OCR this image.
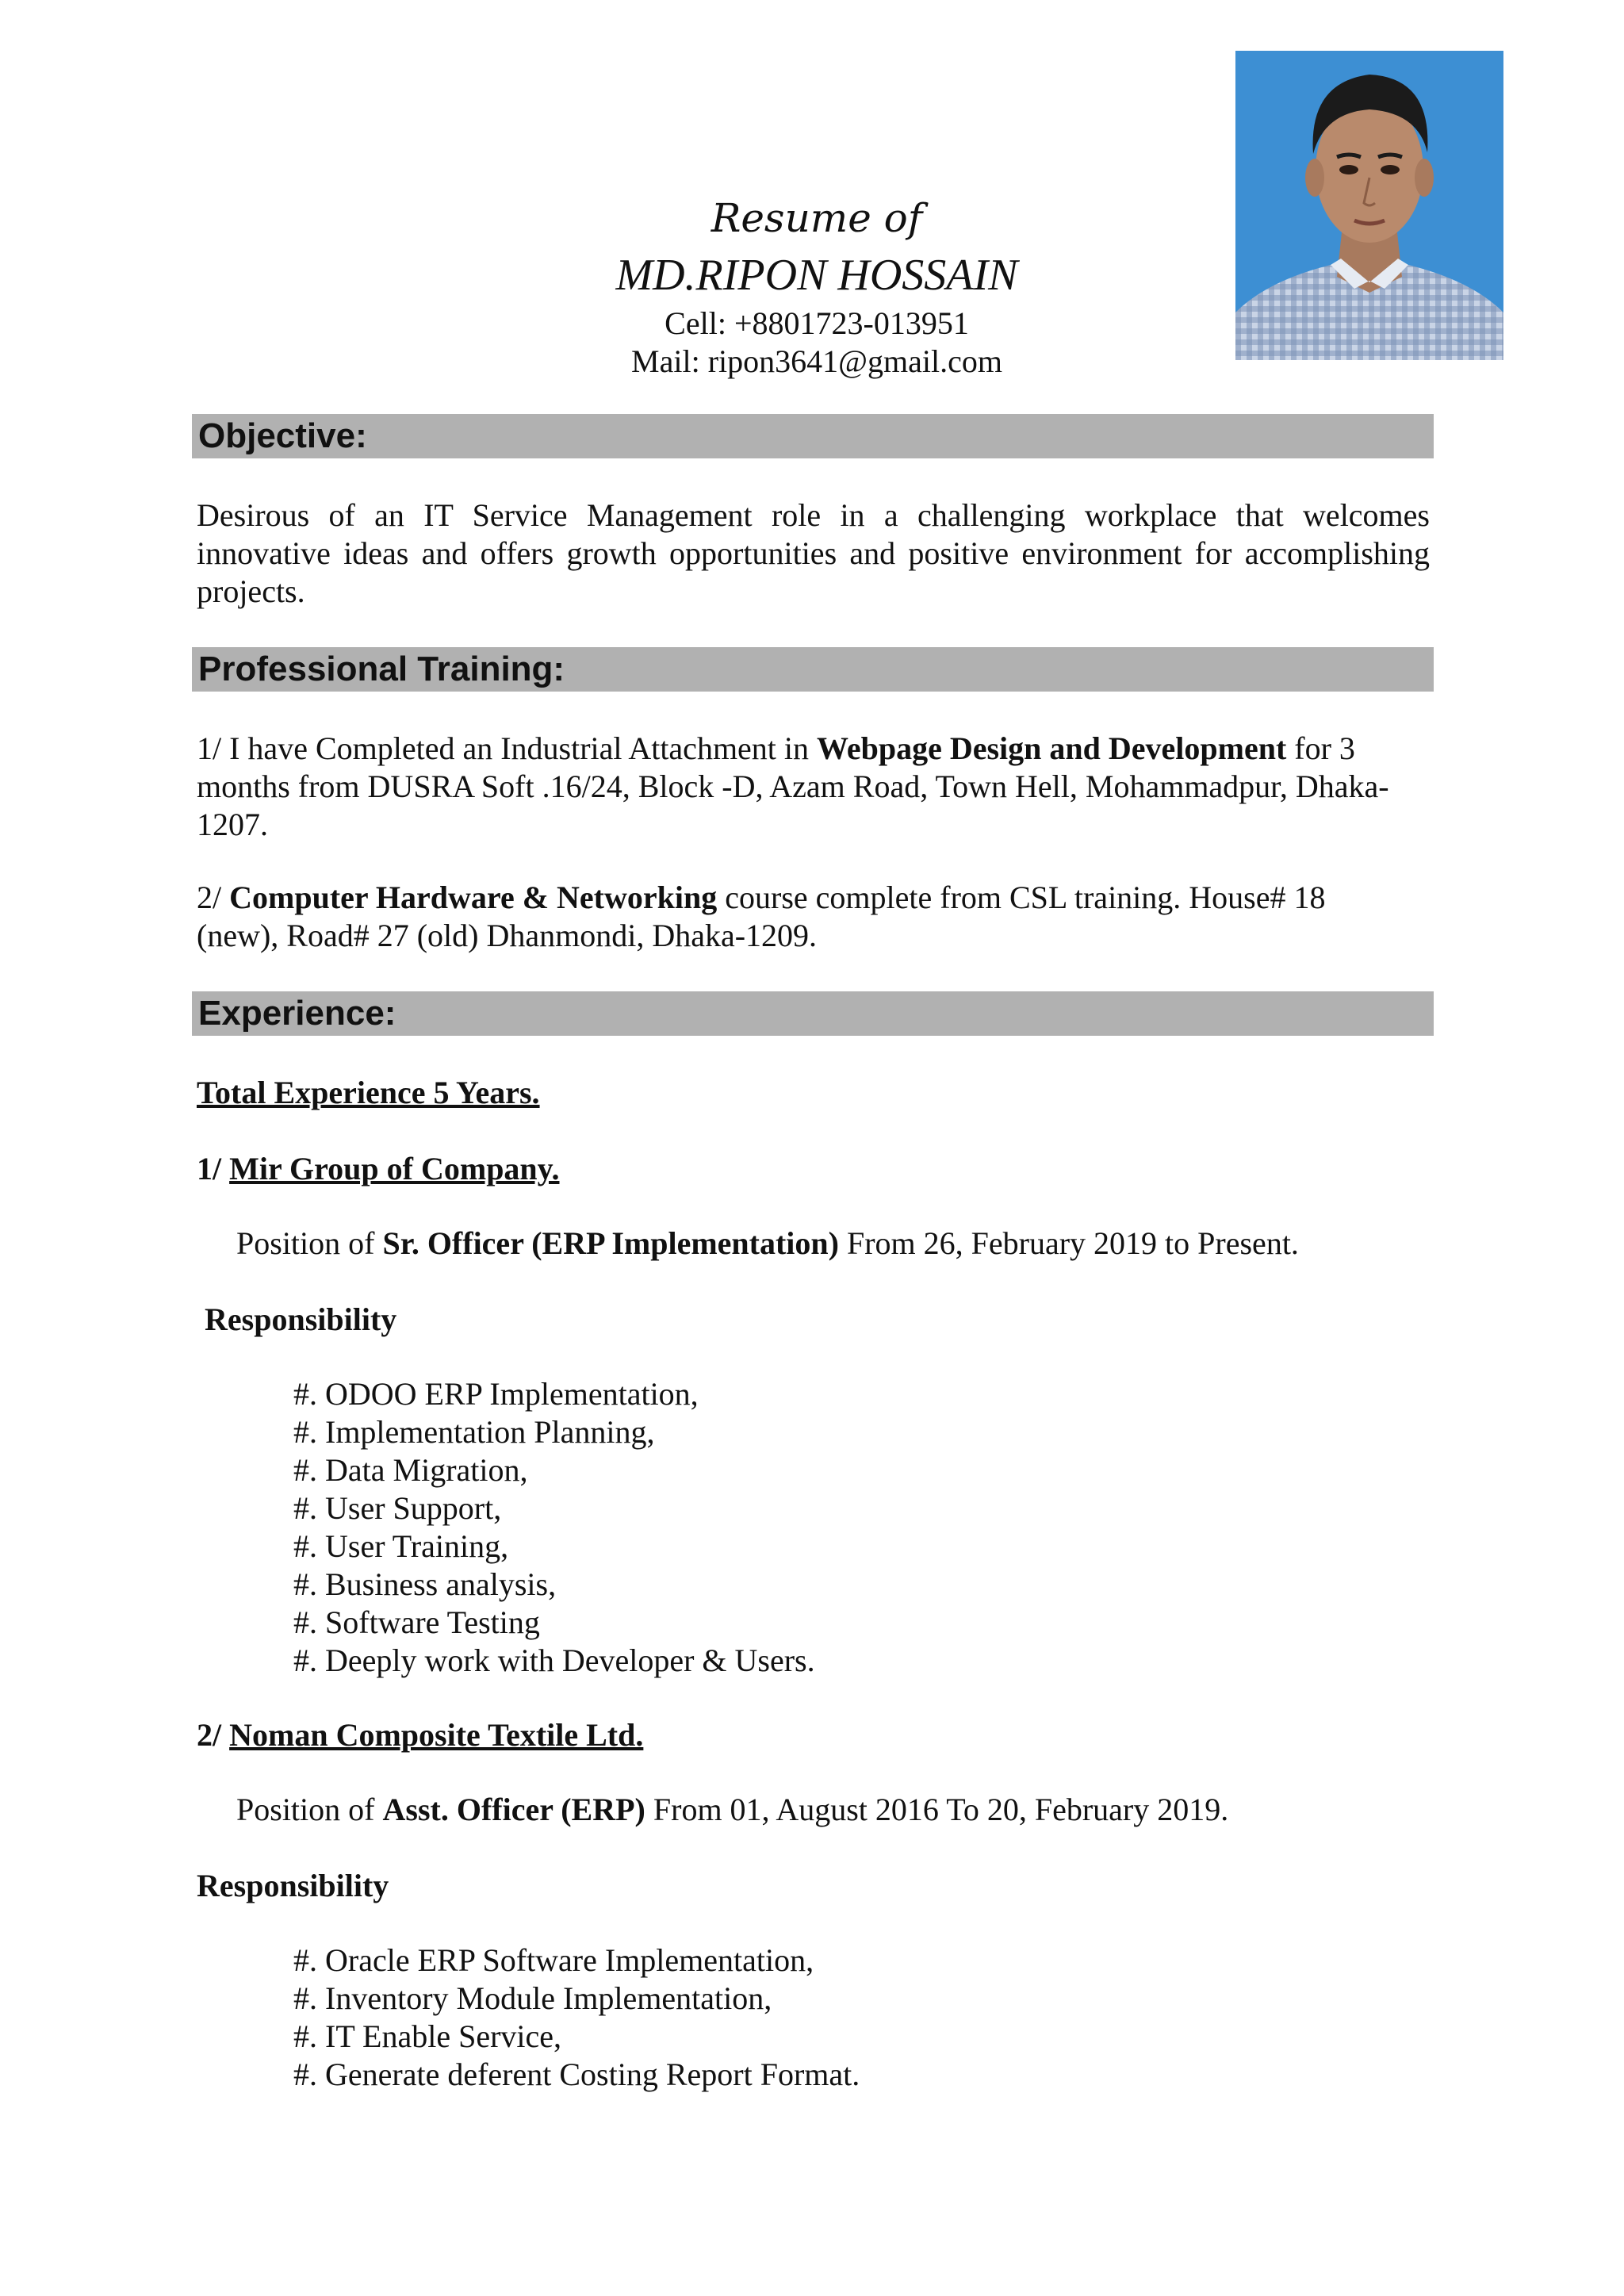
Resume of
MD.RIPON HOSSAIN
Cell: +8801723-013951
Mail: ripon3641@gmail.com
Objective:
Desirous of an IT Service Management role in a challenging workplace that welcomes innovative ideas and offers growth opportunities and positive environment for accomplishing projects.
Professional Training:
1/ I have Completed an Industrial Attachment in Webpage Design and Development for 3 months from DUSRA Soft .16/24, Block -D, Azam Road, Town Hell, Mohammadpur, Dhaka-1207.
2/ Computer Hardware & Networking course complete from CSL training. House# 18 (new), Road# 27 (old) Dhanmondi, Dhaka-1209.
Experience:
Total Experience 5 Years.
1/ Mir Group of Company.
Position of Sr. Officer (ERP Implementation) From 26, February 2019 to Present.
Responsibility
#. ODOO ERP Implementation,
#. Implementation Planning,
#. Data Migration,
#. User Support,
#. User Training,
#. Business analysis,
#. Software Testing
#. Deeply work with Developer & Users.
2/ Noman Composite Textile Ltd.
Position of Asst. Officer (ERP) From 01, August 2016 To 20, February 2019.
Responsibility
#. Oracle ERP Software Implementation,
#. Inventory Module Implementation,
#. IT Enable Service,
#. Generate deferent Costing Report Format.
